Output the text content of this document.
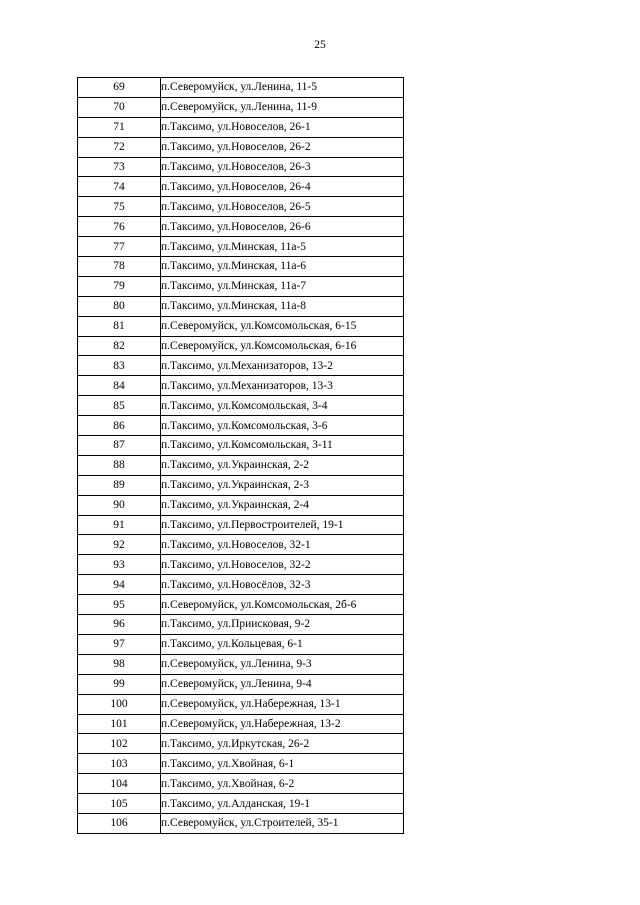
25
69	п.Северомуйск, ул.Ленина, 11-5
70	п.Северомуйск, ул.Ленина, 11-9
71	п.Таксимо, ул.Новоселов, 26-1
72	п.Таксимо, ул.Новоселов, 26-2
73	п.Таксимо, ул.Новоселов, 26-3
74	п.Таксимо, ул.Новоселов, 26-4
75	п.Таксимо, ул.Новоселов, 26-5
76	п.Таксимо, ул.Новоселов, 26-6
77	п.Таксимо, ул.Минская, 11а-5
78	п.Таксимо, ул.Минская, 11а-6
79	п.Таксимо, ул.Минская, 11а-7
80	п.Таксимо, ул.Минская, 11а-8
81	п.Северомуйск, ул.Комсомольская, 6-15
82	п.Северомуйск, ул.Комсомольская, 6-16
83	п.Таксимо, ул.Механизаторов, 13-2
84	п.Таксимо, ул.Механизаторов, 13-3
85	п.Таксимо, ул.Комсомольская, 3-4
86	п.Таксимо, ул.Комсомольская, 3-6
87	п.Таксимо, ул.Комсомольская, 3-11
88	п.Таксимо, ул.Украинская, 2-2
89	п.Таксимо, ул.Украинская, 2-3
90	п.Таксимо, ул.Украинская, 2-4
91	п.Таксимо, ул.Первостроителей, 19-1
92	п.Таксимо, ул.Новоселов, 32-1
93	п.Таксимо, ул.Новоселов, 32-2
94	п.Таксимо, ул.Новосёлов, 32-3
95	п.Северомуйск, ул.Комсомольская, 2б-6
96	п.Таксимо, ул.Приисковая, 9-2
97	п.Таксимо, ул.Кольцевая, 6-1
98	п.Северомуйск, ул.Ленина, 9-3
99	п.Северомуйск, ул.Ленина, 9-4
100	п.Северомуйск, ул.Набережная, 13-1
101	п.Северомуйск, ул.Набережная, 13-2
102	п.Таксимо, ул.Иркутская, 26-2
103	п.Таксимо, ул.Хвойная, 6-1
104	п.Таксимо, ул.Хвойная, 6-2
105	п.Таксимо, ул.Алданская, 19-1
106	п.Северомуйск, ул.Строителей, 35-1
